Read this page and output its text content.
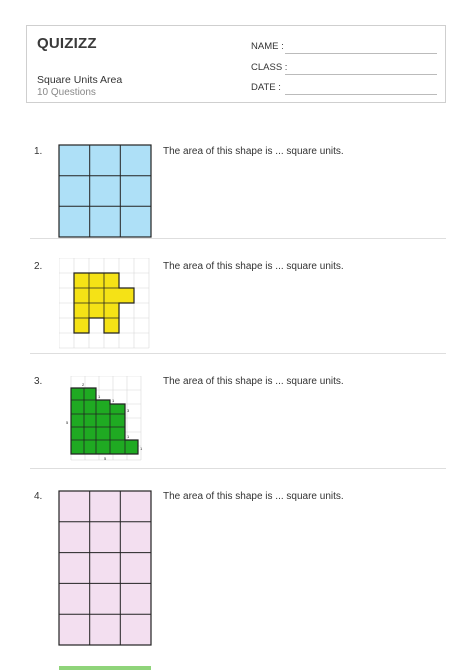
QUIZIZZ
Square Units Area
10 Questions
NAME :
CLASS :
DATE :
1.	The area of this shape is ... square units.
2.	The area of this shape is ... square units.
3.	The area of this shape is ... square units.
2
1
1
5
3
1
1
5
4.	The area of this shape is ... square units.
